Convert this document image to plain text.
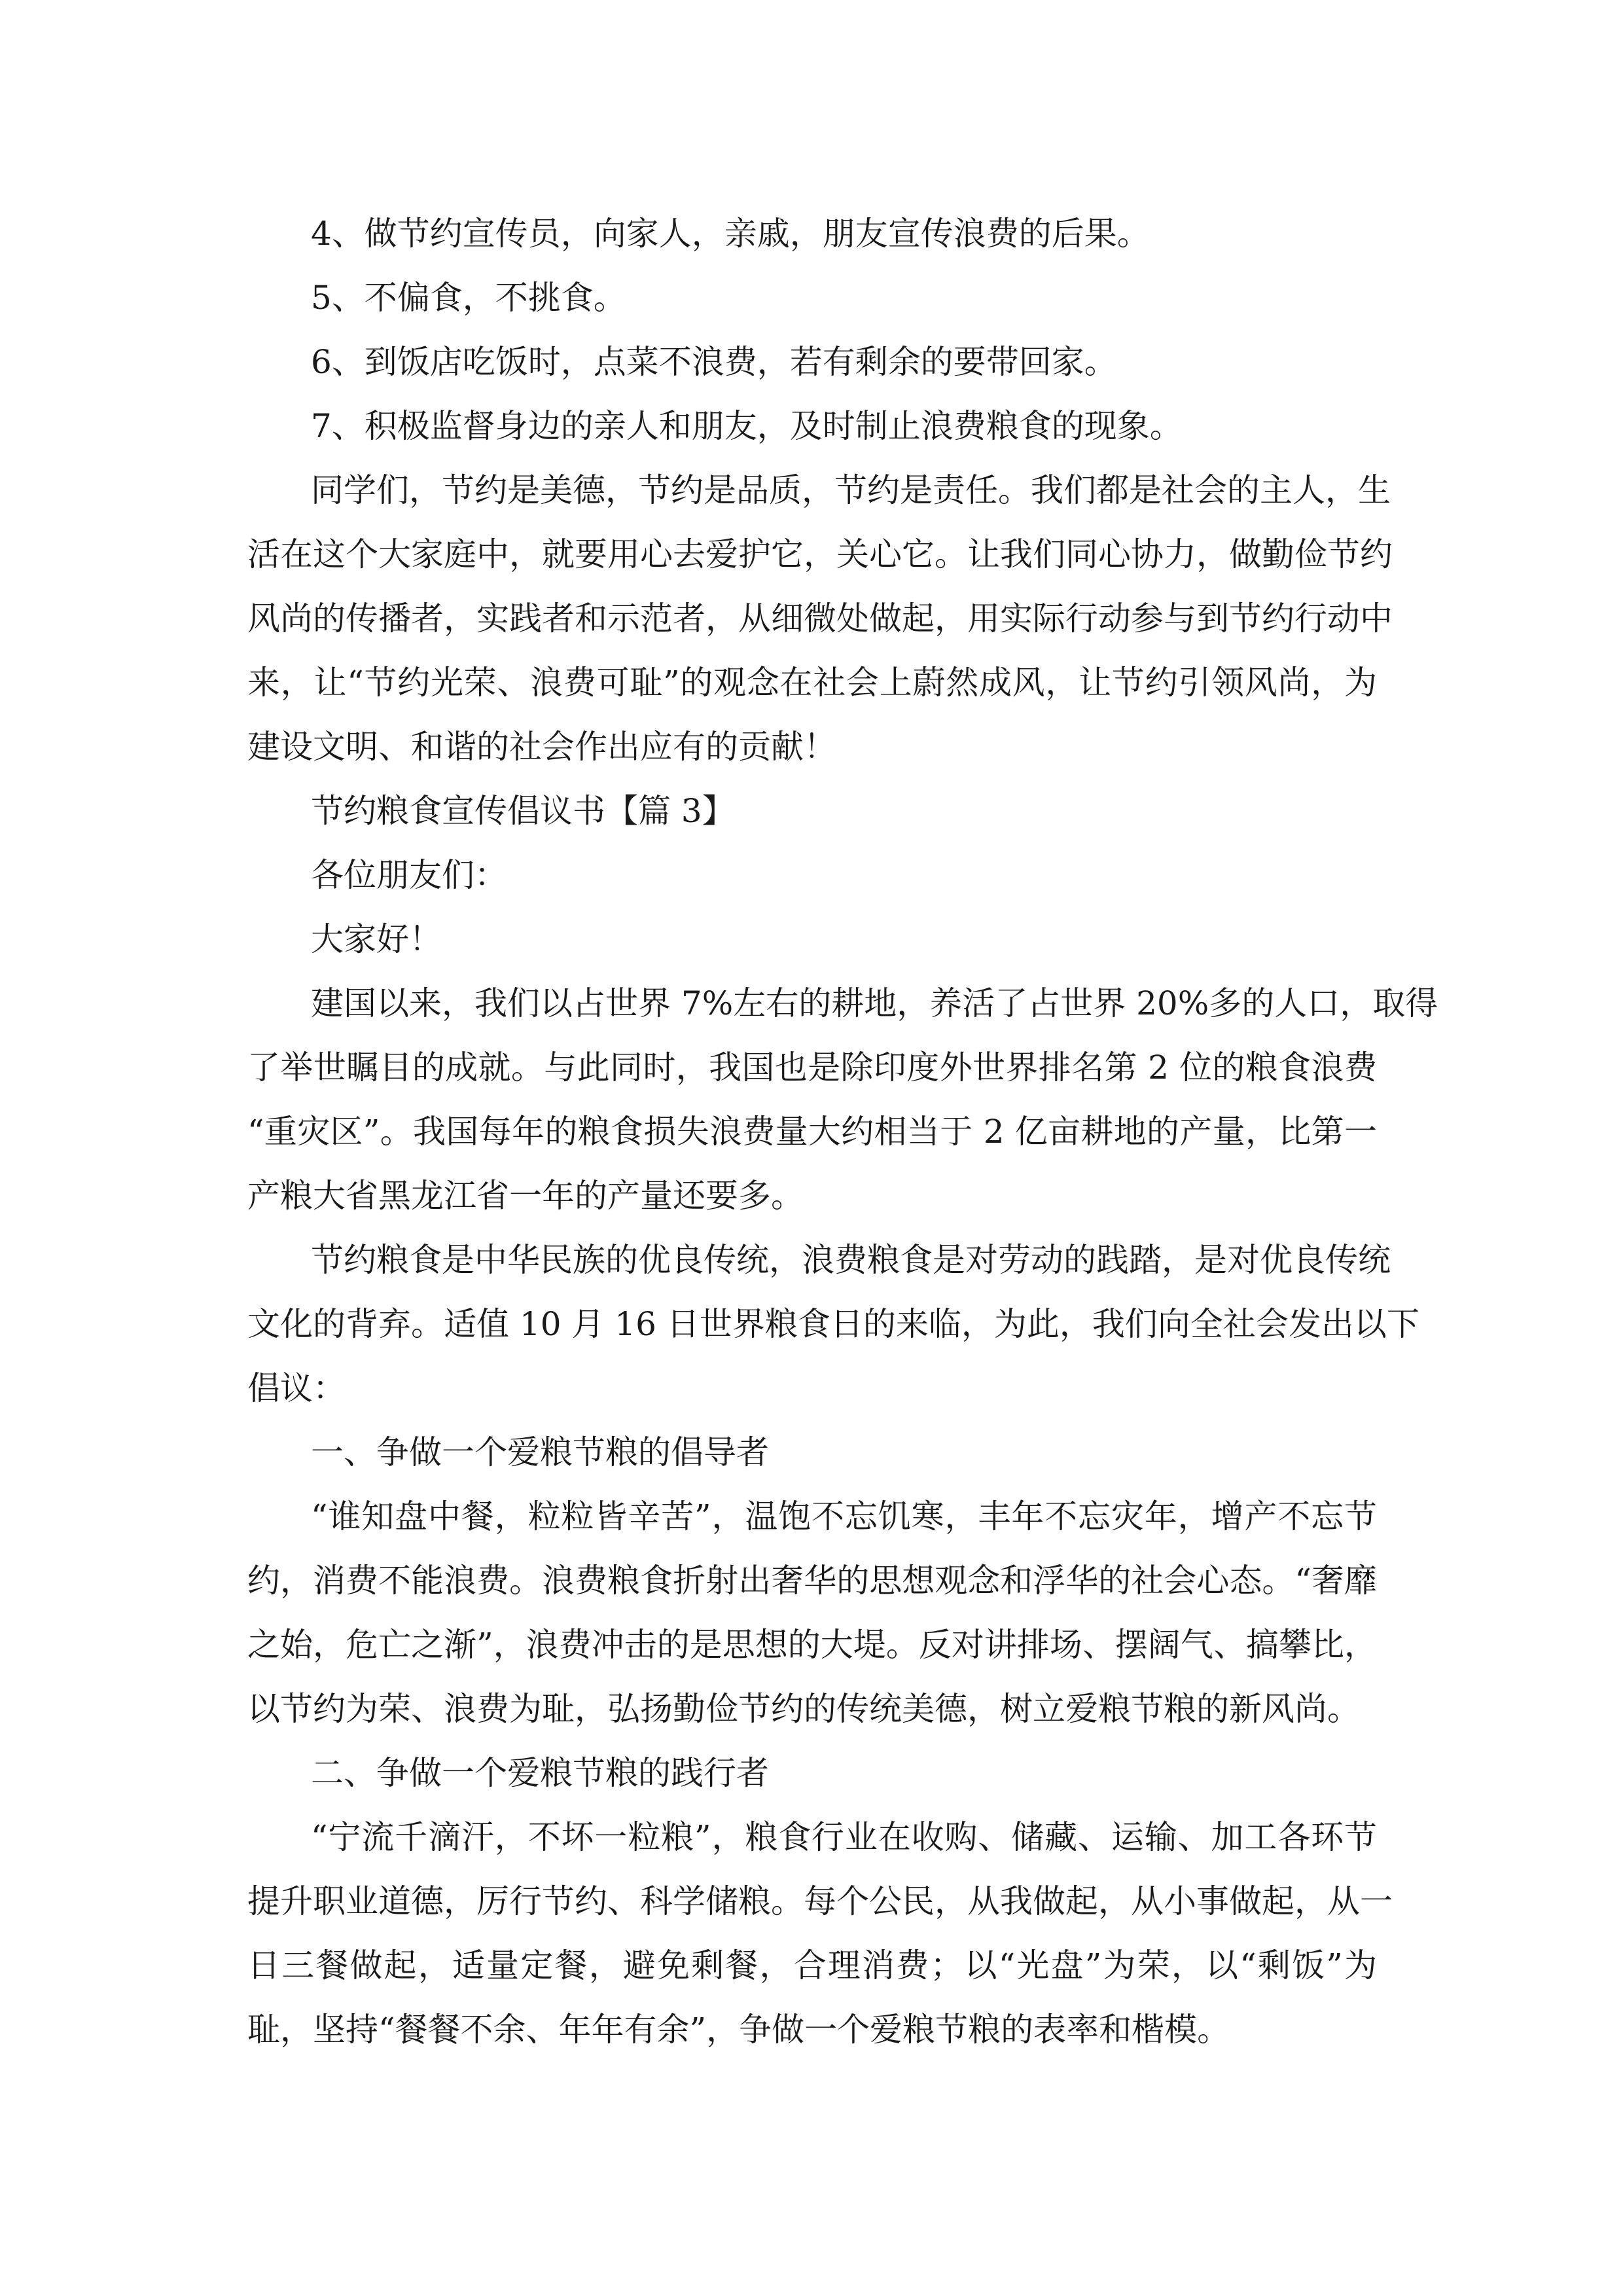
4、做节约宣传员，向家人，亲戚，朋友宣传浪费的后果。

5、不偏食，不挑食。

6、到饭店吃饭时，点菜不浪费，若有剩余的要带回家。

7、积极监督身边的亲人和朋友，及时制止浪费粮食的现象。

同学们，节约是美德，节约是品质，节约是责任。我们都是社会的主人，生

活在这个大家庭中，就要用心去爱护它，关心它。让我们同心协力，做勤俭节约

风尚的传播者，实践者和示范者，从细微处做起，用实际行动参与到节约行动中

来，让“节约光荣、浪费可耻”的观念在社会上蔚然成风，让节约引领风尚，为

建设文明、和谐的社会作出应有的贡献！

节约粮食宣传倡议书【篇 3】

各位朋友们：

大家好！

建国以来，我们以占世界 7%左右的耕地，养活了占世界 20%多的人口，取得

了举世瞩目的成就。与此同时，我国也是除印度外世界排名第 2 位的粮食浪费

“重灾区”。我国每年的粮食损失浪费量大约相当于 2 亿亩耕地的产量，比第一

产粮大省黑龙江省一年的产量还要多。

节约粮食是中华民族的优良传统，浪费粮食是对劳动的践踏，是对优良传统

文化的背弃。适值 10 月 16 日世界粮食日的来临，为此，我们向全社会发出以下

倡议：

一、争做一个爱粮节粮的倡导者

“谁知盘中餐，粒粒皆辛苦”，温饱不忘饥寒，丰年不忘灾年，增产不忘节

约，消费不能浪费。浪费粮食折射出奢华的思想观念和浮华的社会心态。“奢靡

之始，危亡之渐”，浪费冲击的是思想的大堤。反对讲排场、摆阔气、搞攀比，

以节约为荣、浪费为耻，弘扬勤俭节约的传统美德，树立爱粮节粮的新风尚。

二、争做一个爱粮节粮的践行者

“宁流千滴汗，不坏一粒粮”，粮食行业在收购、储藏、运输、加工各环节

提升职业道德，厉行节约、科学储粮。每个公民，从我做起，从小事做起，从一

日三餐做起，适量定餐，避免剩餐，合理消费；以“光盘”为荣，以“剩饭”为

耻，坚持“餐餐不余、年年有余”，争做一个爱粮节粮的表率和楷模。
